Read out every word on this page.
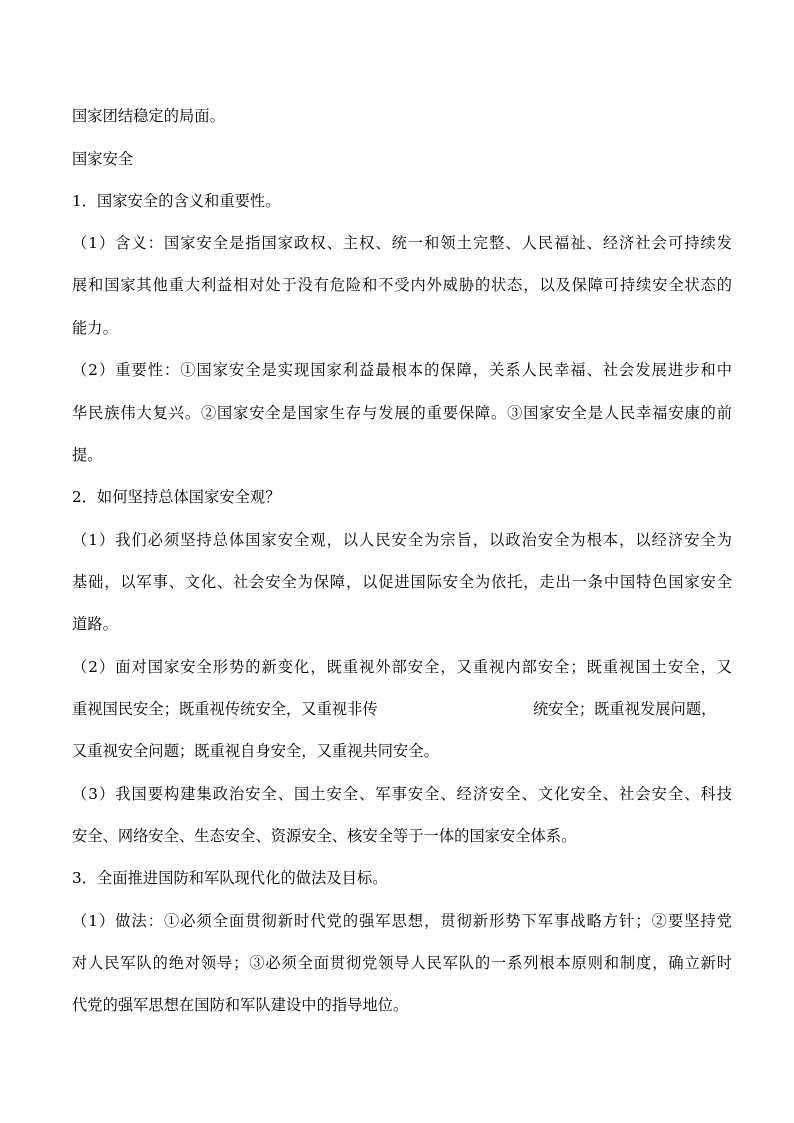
国家团结稳定的局面。
国家安全
1．国家安全的含义和重要性。
（1）含义：国家安全是指国家政权、主权、统一和领土完整、人民福祉、经济社会可持续发
展和国家其他重大利益相对处于没有危险和不受内外威胁的状态，以及保障可持续安全状态的
能力。
（2）重要性：①国家安全是实现国家利益最根本的保障，关系人民幸福、社会发展进步和中
华民族伟大复兴。②国家安全是国家生存与发展的重要保障。③国家安全是人民幸福安康的前
提。
2．如何坚持总体国家安全观？
（1）我们必须坚持总体国家安全观，以人民安全为宗旨，以政治安全为根本，以经济安全为
基础，以军事、文化、社会安全为保障，以促进国际安全为依托，走出一条中国特色国家安全
道路。
（2）面对国家安全形势的新变化，既重视外部安全，又重视内部安全；既重视国土安全，又
重视国民安全；既重视传统安全，又重视非传	统安全；既重视发展问题，
又重视安全问题；既重视自身安全，又重视共同安全。
（3）我国要构建集政治安全、国土安全、军事安全、经济安全、文化安全、社会安全、科技
安全、网络安全、生态安全、资源安全、核安全等于一体的国家安全体系。
3．全面推进国防和军队现代化的做法及目标。
（1）做法：①必须全面贯彻新时代党的强军思想，贯彻新形势下军事战略方针；②要坚持党
对人民军队的绝对领导；③必须全面贯彻党领导人民军队的一系列根本原则和制度，确立新时
代党的强军思想在国防和军队建设中的指导地位。
